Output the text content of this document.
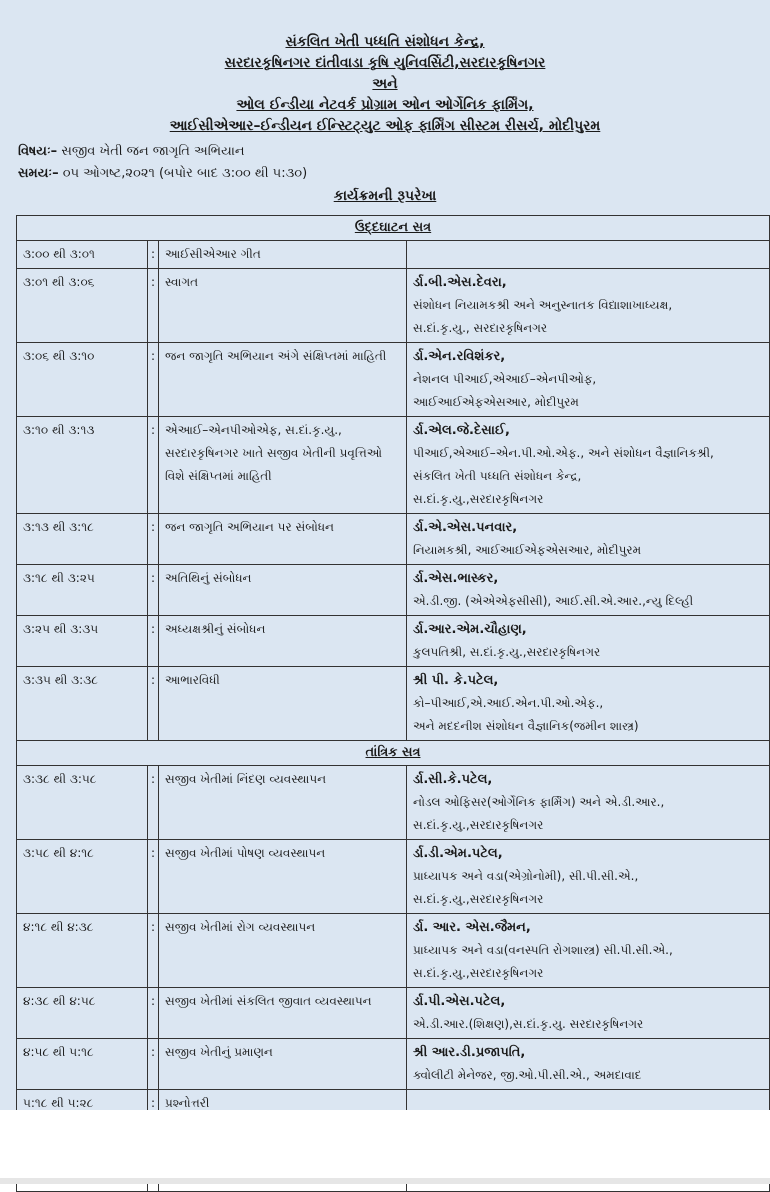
સંકલિત ખેતી પધ્ધતિ સંશોધન કેન્દ્ર,
સરદારકૃષિનગર દાંતીવાડા કૃષિ યુનિવર્સિટી,સરદારકૃષિનગર
અને
ઓલ ઈન્ડીયા નેટવર્ક પ્રોગ્રામ ઓન ઓર્ગેનિક ફાર્મિંગ,
આઈસીએઆર–ઈન્ડીયન ઈન્સ્ટિટ્યુટ ઓફ ફાર્મિંગ સીસ્ટમ રીસર્ચ, મોદીપુરમ
વિષયઃ– સજીવ ખેતી જન જાગૃતિ અભિયાન
સમયઃ– ૦૫ ઓગષ્ટ,૨૦૨૧ (બપોર બાદ ૩:૦૦ થી ૫:૩૦)
કાર્યક્રમની રૂપરેખા
ઉદ્દઘાટન સત્ર			
૩:૦૦ થી ૩:૦૧	:	આઈસીએઆર ગીત	
૩:૦૧ થી ૩:૦૬	:	સ્વાગત	ર્ડા.બી.એસ.દેવરા,
સંશોધન નિયામકશ્રી અને અનુસ્નાતક વિદ્યાશાખાધ્યક્ષ,
સ.દાં.કૃ.યુ., સરદારકૃષિનગર

૩:૦૬ થી ૩:૧૦	:	જન જાગૃતિ અભિયાન અંગે સંક્ષિપ્તમાં માહિતી	ર્ડા.એન.રવિશંકર,
નેશનલ પીઆઈ,એઆઈ–એનપીઓફ,
આઈઆઈએફએસઆર, મોદીપુરમ

૩:૧૦ થી ૩:૧૩	:	એઆઈ–એનપીઓએફ, સ.દાં.કૃ.યુ., સરદારકૃષિનગર ખાતે સજીવ ખેતીની પ્રવૃત્તિઓ વિશે સંક્ષિપ્તમાં માહિતી	ર્ડા.એલ.જે.દેસાઈ,
પીઆઈ,એઆઈ–એન.પી.ઓ.એફ., અને સંશોધન વૈજ્ઞાનિકશ્રી,
સંકલિત ખેતી પધ્ધતિ સંશોધન કેન્દ્ર,
સ.દાં.કૃ.યુ.,સરદારકૃષિનગર

૩:૧૩ થી ૩:૧૮	:	જન જાગૃતિ અભિયાન પર સંબોધન	ર્ડા.એ.એસ.પનવાર,
નિયામકશ્રી, આઈઆઈએફએસઆર, મોદીપુરમ

૩:૧૮ થી ૩:૨૫	:	અતિથિનું સંબોધન	ર્ડા.એસ.ભાસ્કર,
એ.ડી.જી. (એએએફસીસી), આઈ.સી.એ.આર.,ન્યુ દિલ્હી

૩:૨૫ થી ૩:૩૫	:	અધ્યક્ષશ્રીનું સંબોધન	ર્ડા.આર.એમ.ચૌહાણ,
કુલપતિશ્રી, સ.દાં.કૃ.યુ.,સરદારકૃષિનગર

૩:૩૫ થી ૩:૩૮	:	આભારવિધી	શ્રી પી. કે.પટેલ,
કો–પીઆઈ,એ.આઈ.એન.પી.ઓ.એફ.,
અને મદદનીશ સંશોધન વૈજ્ઞાનિક(જમીન શાસ્ત્ર)

તાંત્રિક સત્ર			
૩:૩૮ થી ૩:૫૮	:	સજીવ ખેતીમાં નિંદણ વ્યવસ્થાપન	ર્ડા.સી.કે.પટેલ,
નોડલ ઓફિસર(ઓર્ગેનિક ફાર્મિંગ) અને એ.ડી.આર.,
સ.દાં.કૃ.યુ.,સરદારકૃષિનગર

૩:૫૮ થી ૪:૧૮	:	સજીવ ખેતીમાં પોષણ વ્યવસ્થાપન	ર્ડા.ડી.એમ.પટેલ,
પ્રાધ્યાપક અને વડા(એગ્રોનોમી), સી.પી.સી.એ.,
સ.દાં.કૃ.યુ.,સરદારકૃષિનગર

૪:૧૮ થી ૪:૩૮	:	સજીવ ખેતીમાં રોગ વ્યવસ્થાપન	ર્ડા. આર. એસ.જૈમન,
પ્રાધ્યાપક અને વડા(વનસ્પતિ રોગશાસ્ત્ર) સી.પી.સી.એ.,
સ.દાં.કૃ.યુ.,સરદારકૃષિનગર

૪:૩૮ થી ૪:૫૮	:	સજીવ ખેતીમાં સંકલિત જીવાત વ્યવસ્થાપન	ર્ડા.પી.એસ.પટેલ,
એ.ડી.આર.(શિક્ષણ),સ.દાં.કૃ.યુ. સરદારકૃષિનગર

૪:૫૮ થી ૫:૧૮	:	સજીવ ખેતીનું પ્રમાણન	શ્રી આર.ડી.પ્રજાપતિ,
ક્વોલીટી મેનેજર, જી.ઓ.પી.સી.એ., અમદાવાદ

૫:૧૮ થી ૫:૨૮	:	પ્રશ્નોત્તરી	
